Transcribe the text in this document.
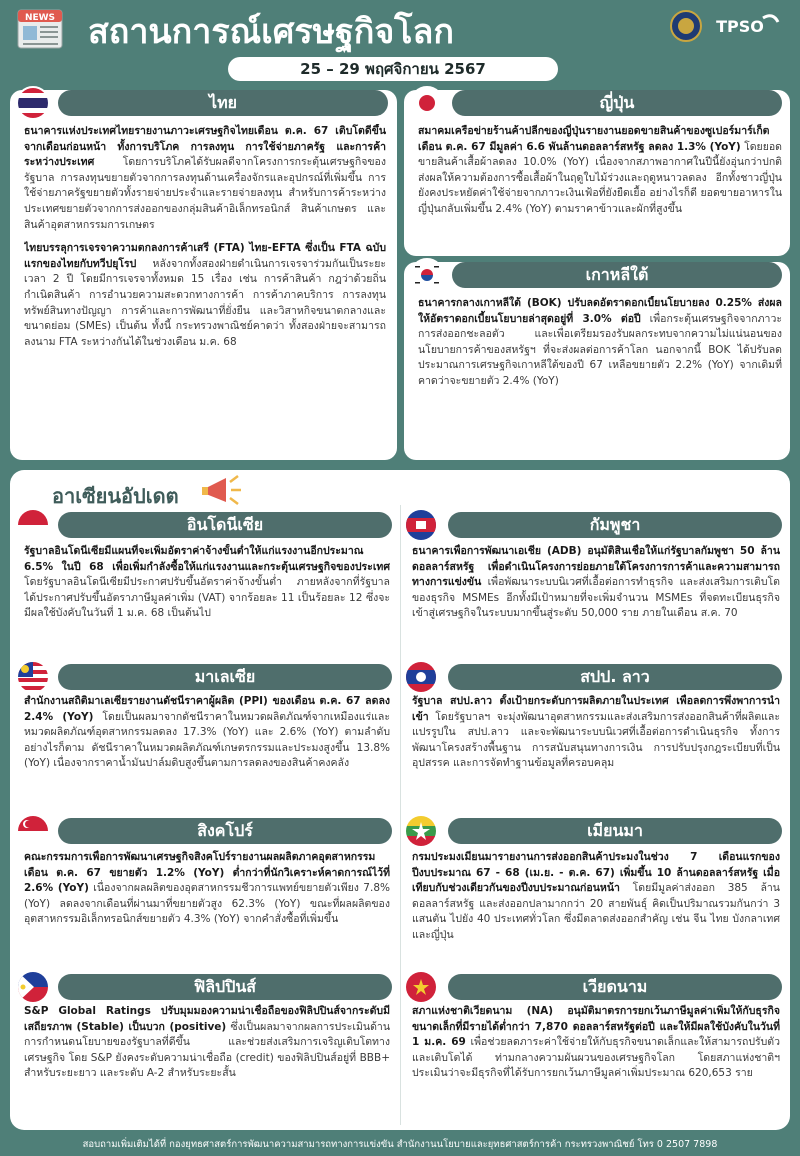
NEWS สถานการณ์เศรษฐกิจโลก	TPSO
25 – 29 พฤศจิกายน 2567
ไทย
ธนาคารแห่งประเทศไทยรายงานภาวะเศรษฐกิจไทยเดือน ต.ค. 67 เติบโตดีขึ้นจากเดือนก่อนหน้า ทั้งการบริโภค การลงทุน การใช้จ่ายภาครัฐ และการค้าระหว่างประเทศ โดยการบริโภคได้รับผลดีจากโครงการกระตุ้นเศรษฐกิจของรัฐบาล การลงทุนขยายตัวจากการลงทุนด้านเครื่องจักรและอุปกรณ์ที่เพิ่มขึ้น การใช้จ่ายภาครัฐขยายตัวทั้งรายจ่ายประจำและรายจ่ายลงทุน สำหรับการค้าระหว่างประเทศขยายตัวจากการส่งออกของกลุ่มสินค้าอิเล็กทรอนิกส์ สินค้าเกษตร และสินค้าอุตสาหกรรมการเกษตร
ไทยบรรลุการเจรจาความตกลงการค้าเสรี (FTA) ไทย-EFTA ซึ่งเป็น FTA ฉบับแรกของไทยกับทวีปยุโรป หลังจากทั้งสองฝ่ายดำเนินการเจรจาร่วมกันเป็นระยะเวลา 2 ปี โดยมีการเจรจาทั้งหมด 15 เรื่อง เช่น การค้าสินค้า กฎว่าด้วยถิ่นกำเนิดสินค้า การอำนวยความสะดวกทางการค้า การค้าภาคบริการ การลงทุน ทรัพย์สินทางปัญญา การค้าและการพัฒนาที่ยั่งยืน และวิสาหกิจขนาดกลางและขนาดย่อม (SMEs) เป็นต้น ทั้งนี้ กระทรวงพาณิชย์คาดว่า ทั้งสองฝ่ายจะสามารถลงนาม FTA ระหว่างกันได้ในช่วงเดือน ม.ค. 68
ญี่ปุ่น
สมาคมเครือข่ายร้านค้าปลีกของญี่ปุ่นรายงานยอดขายสินค้าของซูเปอร์มาร์เก็ต เดือน ต.ค. 67 มีมูลค่า 6.6 พันล้านดอลลาร์สหรัฐ ลดลง 1.3% (YoY) โดยยอดขายสินค้าเสื้อผ้าลดลง 10.0% (YoY) เนื่องจากสภาพอากาศในปีนี้ยังอุ่นกว่าปกติ ส่งผลให้ความต้องการซื้อเสื้อผ้าในฤดูใบไม้ร่วงและฤดูหนาวลดลง อีกทั้งชาวญี่ปุ่นยังคงประหยัดค่าใช้จ่ายจากภาวะเงินเฟ้อที่ยังยืดเยื้อ อย่างไรก็ดี ยอดขายอาหารในญี่ปุ่นกลับเพิ่มขึ้น 2.4% (YoY) ตามราคาข้าวและผักที่สูงขึ้น
เกาหลีใต้
ธนาคารกลางเกาหลีใต้ (BOK) ปรับลดอัตราดอกเบี้ยนโยบายลง 0.25% ส่งผลให้อัตราดอกเบี้ยนโยบายล่าสุดอยู่ที่ 3.0% ต่อปี เพื่อกระตุ้นเศรษฐกิจจากภาวะการส่งออกชะลอตัว และเพื่อเตรียมรองรับผลกระทบจากความไม่แน่นอนของนโยบายการค้าของสหรัฐฯ ที่จะส่งผลต่อการค้าโลก นอกจากนี้ BOK ได้ปรับลดประมาณการเศรษฐกิจเกาหลีใต้ของปี 67 เหลือขยายตัว 2.2% (YoY) จากเดิมที่คาดว่าจะขยายตัว 2.4% (YoY)
อาเซียนอัปเดต
อินโดนีเซีย
รัฐบาลอินโดนีเซียมีแผนที่จะเพิ่มอัตราค่าจ้างขั้นต่ำให้แก่แรงงานอีกประมาณ 6.5% ในปี 68 เพื่อเพิ่มกำลังซื้อให้แก่แรงงานและกระตุ้นเศรษฐกิจของประเทศ โดยรัฐบาลอินโดนีเซียมีประกาศปรับขึ้นอัตราค่าจ้างขั้นต่ำ ภายหลังจากที่รัฐบาลได้ประกาศปรับขึ้นอัตราภาษีมูลค่าเพิ่ม (VAT) จากร้อยละ 11 เป็นร้อยละ 12 ซึ่งจะมีผลใช้บังคับในวันที่ 1 ม.ค. 68 เป็นต้นไป
กัมพูชา
ธนาคารเพื่อการพัฒนาเอเชีย (ADB) อนุมัติสินเชื่อให้แก่รัฐบาลกัมพูชา 50 ล้านดอลลาร์สหรัฐ เพื่อดำเนินโครงการย่อยภายใต้โครงการการค้าและความสามารถทางการแข่งขัน เพื่อพัฒนาระบบนิเวศที่เอื้อต่อการทำธุรกิจ และส่งเสริมการเติบโตของธุรกิจ MSMEs อีกทั้งมีเป้าหมายที่จะเพิ่มจำนวน MSMEs ที่จดทะเบียนธุรกิจเข้าสู่เศรษฐกิจในระบบมากขึ้นสู่ระดับ 50,000 ราย ภายในเดือน ส.ค. 70
มาเลเซีย
สำนักงานสถิติมาเลเซียรายงานดัชนีราคาผู้ผลิต (PPI) ของเดือน ต.ค. 67 ลดลง 2.4% (YoY) โดยเป็นผลมาจากดัชนีราคาในหมวดผลิตภัณฑ์จากเหมืองแร่และหมวดผลิตภัณฑ์อุตสาหกรรมลดลง 17.3% (YoY) และ 2.6% (YoY) ตามลำดับ อย่างไรก็ตาม ดัชนีราคาในหมวดผลิตภัณฑ์เกษตรกรรมและประมงสูงขึ้น 13.8% (YoY) เนื่องจากราคาน้ำมันปาล์มดิบสูงขึ้นตามการลดลงของสินค้าคงคลัง
สปป. ลาว
รัฐบาล สปป.ลาว ตั้งเป้ายกระดับการผลิตภายในประเทศ เพื่อลดการพึ่งพาการนำเข้า โดยรัฐบาลฯ จะมุ่งพัฒนาอุตสาหกรรมและส่งเสริมการส่งออกสินค้าที่ผลิตและแปรรูปใน สปป.ลาว และจะพัฒนาระบบนิเวศที่เอื้อต่อการดำเนินธุรกิจ ทั้งการพัฒนาโครงสร้างพื้นฐาน การสนับสนุนทางการเงิน การปรับปรุงกฎระเบียบที่เป็นอุปสรรค และการจัดทำฐานข้อมูลที่ครอบคลุม
สิงคโปร์
คณะกรรมการเพื่อการพัฒนาเศรษฐกิจสิงคโปร์รายงานผลผลิตภาคอุตสาหกรรม เดือน ต.ค. 67 ขยายตัว 1.2% (YoY) ต่ำกว่าที่นักวิเคราะห์คาดการณ์ไว้ที่ 2.6% (YoY) เนื่องจากผลผลิตของอุตสาหกรรมชีวการแพทย์ขยายตัวเพียง 7.8% (YoY) ลดลงจากเดือนที่ผ่านมาที่ขยายตัวสูง 62.3% (YoY) ขณะที่ผลผลิตของอุตสาหกรรมอิเล็กทรอนิกส์ขยายตัว 4.3% (YoY) จากคำสั่งซื้อที่เพิ่มขึ้น
เมียนมา
กรมประมงเมียนมารายงานการส่งออกสินค้าประมงในช่วง 7 เดือนแรกของปีงบประมาณ 67 - 68 (เม.ย. - ต.ค. 67) เพิ่มขึ้น 10 ล้านดอลลาร์สหรัฐ เมื่อเทียบกับช่วงเดียวกันของปีงบประมาณก่อนหน้า โดยมีมูลค่าส่งออก 385 ล้านดอลลาร์สหรัฐ และส่งออกปลามากกว่า 20 สายพันธุ์ คิดเป็นปริมาณรวมกันกว่า 3 แสนตัน ไปยัง 40 ประเทศทั่วโลก ซึ่งมีตลาดส่งออกสำคัญ เช่น จีน ไทย บังกลาเทศ และญี่ปุ่น
ฟิลิปปินส์
S&P Global Ratings ปรับมุมมองความน่าเชื่อถือของฟิลิปปินส์จากระดับมีเสถียรภาพ (Stable) เป็นบวก (positive) ซึ่งเป็นผลมาจากผลการประเมินด้านการกำหนดนโยบายของรัฐบาลที่ดีขึ้น และช่วยส่งเสริมการเจริญเติบโตทางเศรษฐกิจ โดย S&P ยังคงระดับความน่าเชื่อถือ (credit) ของฟิลิปปินส์อยู่ที่ BBB+ สำหรับระยะยาว และระดับ A-2 สำหรับระยะสั้น
เวียดนาม
สภาแห่งชาติเวียดนาม (NA) อนุมัติมาตรการยกเว้นภาษีมูลค่าเพิ่มให้กับธุรกิจขนาดเล็กที่มีรายได้ต่ำกว่า 7,870 ดอลลาร์สหรัฐต่อปี และให้มีผลใช้บังคับในวันที่ 1 ม.ค. 69 เพื่อช่วยลดภาระค่าใช้จ่ายให้กับธุรกิจขนาดเล็กและให้สามารถปรับตัวและเติบโตได้ ท่ามกลางความผันผวนของเศรษฐกิจโลก โดยสภาแห่งชาติฯ ประเมินว่าจะมีธุรกิจที่ได้รับการยกเว้นภาษีมูลค่าเพิ่มประมาณ 620,653 ราย
สอบถามเพิ่มเติมได้ที่ กองยุทธศาสตร์การพัฒนาความสามารถทางการแข่งขัน สำนักงานนโยบายและยุทธศาสตร์การค้า กระทรวงพาณิชย์ โทร 0 2507 7898
